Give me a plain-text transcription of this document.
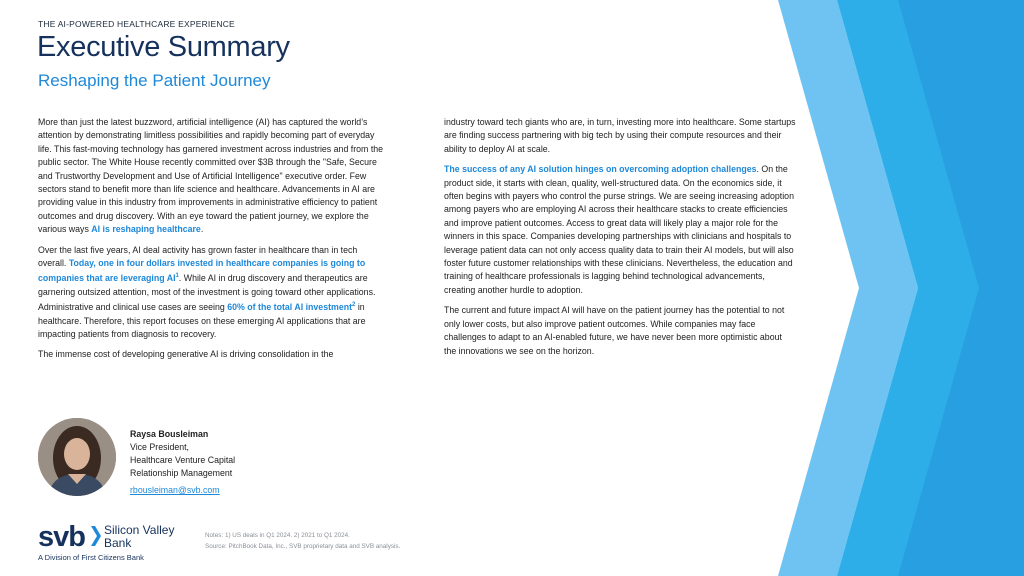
THE AI-POWERED HEALTHCARE EXPERIENCE
Executive Summary
Reshaping the Patient Journey

More than just the latest buzzword, artificial intelligence (AI) has captured the world’s attention by demonstrating limitless possibilities and rapidly becoming part of everyday life. This fast-moving technology has garnered investment across industries and from the public sector. The White House recently committed over $3B through the "Safe, Secure and Trustworthy Development and Use of Artificial Intelligence" executive order. Few sectors stand to benefit more than life science and healthcare. Advancements in AI are providing value in this industry from improvements in administrative efficiency to patient outcomes and drug discovery. With an eye toward the patient journey, we explore the various ways AI is reshaping healthcare.

Over the last five years, AI deal activity has grown faster in healthcare than in tech overall. Today, one in four dollars invested in healthcare companies is going to companies that are leveraging $AI^1$. While AI in drug discovery and therapeutics are garnering outsized attention, most of the investment is going toward other applications. Administrative and clinical use cases are seeing 60% of the total AI investment$^2$ in healthcare. Therefore, this report focuses on these emerging AI applications that are impacting patients from diagnosis to recovery.

The immense cost of developing generative AI is driving consolidation in the

industry toward tech giants who are, in turn, investing more into healthcare. Some startups are finding success partnering with big tech by using their compute resources and their ability to deploy AI at scale.

The success of any AI solution hinges on overcoming adoption challenges. On the product side, it starts with clean, quality, well-structured data. On the economics side, it often begins with payers who control the purse strings. We are seeing increasing adoption among payers who are employing AI across their healthcare stacks to create efficiencies and improve patient outcomes. Access to great data will likely play a major role for the winners in this space. Companies developing partnerships with clinicians and hospitals to leverage patient data can not only access quality data to train their AI models, but will also foster future customer relationships with these clinicians. Nevertheless, the education and training of healthcare professionals is lagging behind technological advancements, creating another hurdle to adoption.

The current and future impact AI will have on the patient journey has the potential to not only lower costs, but also improve patient outcomes. While companies may face challenges to adapt to an AI-enabled future, we have never been more optimistic about the innovations we see on the horizon.

Raysa Bousleiman
Vice President,
Healthcare Venture Capital
Relationship Management
rbousleiman@svb.com
svb Silicon Valley
Bank
A Division of First Citizens Bank
Notes: 1) US deals in Q1 2024. 2) 2021 to Q1 2024.
Source: PitchBook Data, Inc., SVB proprietary data and SVB analysis.
